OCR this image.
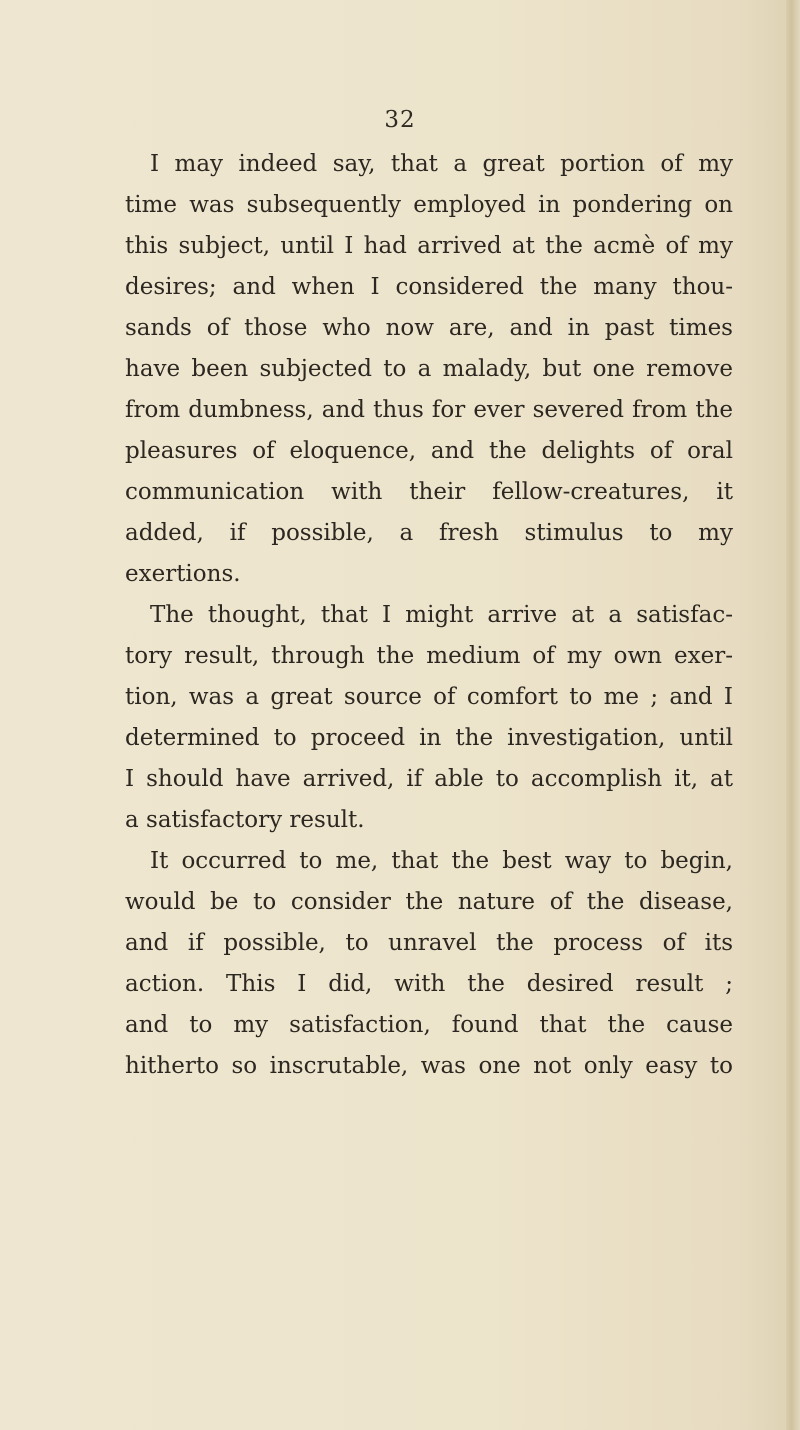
32
I may indeed say, that a great portion of my
time was subsequently employed in pondering on
this subject, until I had arrived at the acmè of my
desires; and when I considered the many thou-
sands of those who now are, and in past times
have been subjected to a malady, but one remove
from dumbness, and thus for ever severed from the
pleasures of eloquence, and the delights of oral
communication with their fellow-creatures, it
added, if possible, a fresh stimulus to my
exertions.
The thought, that I might arrive at a satisfac-
tory result, through the medium of my own exer-
tion, was a great source of comfort to me ; and I
determined to proceed in the investigation, until
I should have arrived, if able to accomplish it, at
a satisfactory result.
It occurred to me, that the best way to begin,
would be to consider the nature of the disease,
and if possible, to unravel the process of its
action. This I did, with the desired result ;
and to my satisfaction, found that the cause
hitherto so inscrutable, was one not only easy to
